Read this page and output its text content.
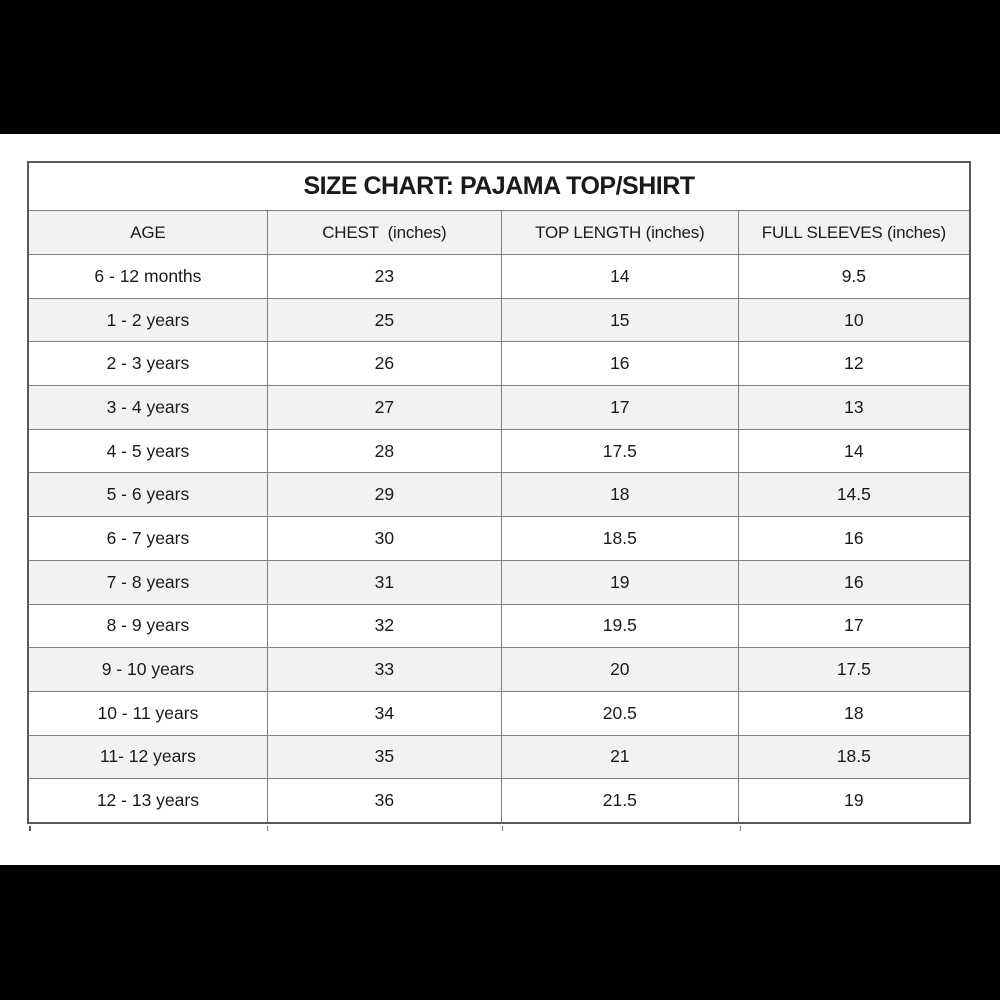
SIZE CHART: PAJAMA TOP/SHIRT
AGE	CHEST  (inches)	TOP LENGTH (inches)	FULL SLEEVES (inches)
6 - 12 months	23	14	9.5
1 - 2 years	25	15	10
2 - 3 years	26	16	12
3 - 4 years	27	17	13
4 - 5 years	28	17.5	14
5 - 6 years	29	18	14.5
6 - 7 years	30	18.5	16
7 - 8 years	31	19	16
8 - 9 years	32	19.5	17
9 - 10 years	33	20	17.5
10 - 11 years	34	20.5	18
11- 12 years	35	21	18.5
12 - 13 years	36	21.5	19
